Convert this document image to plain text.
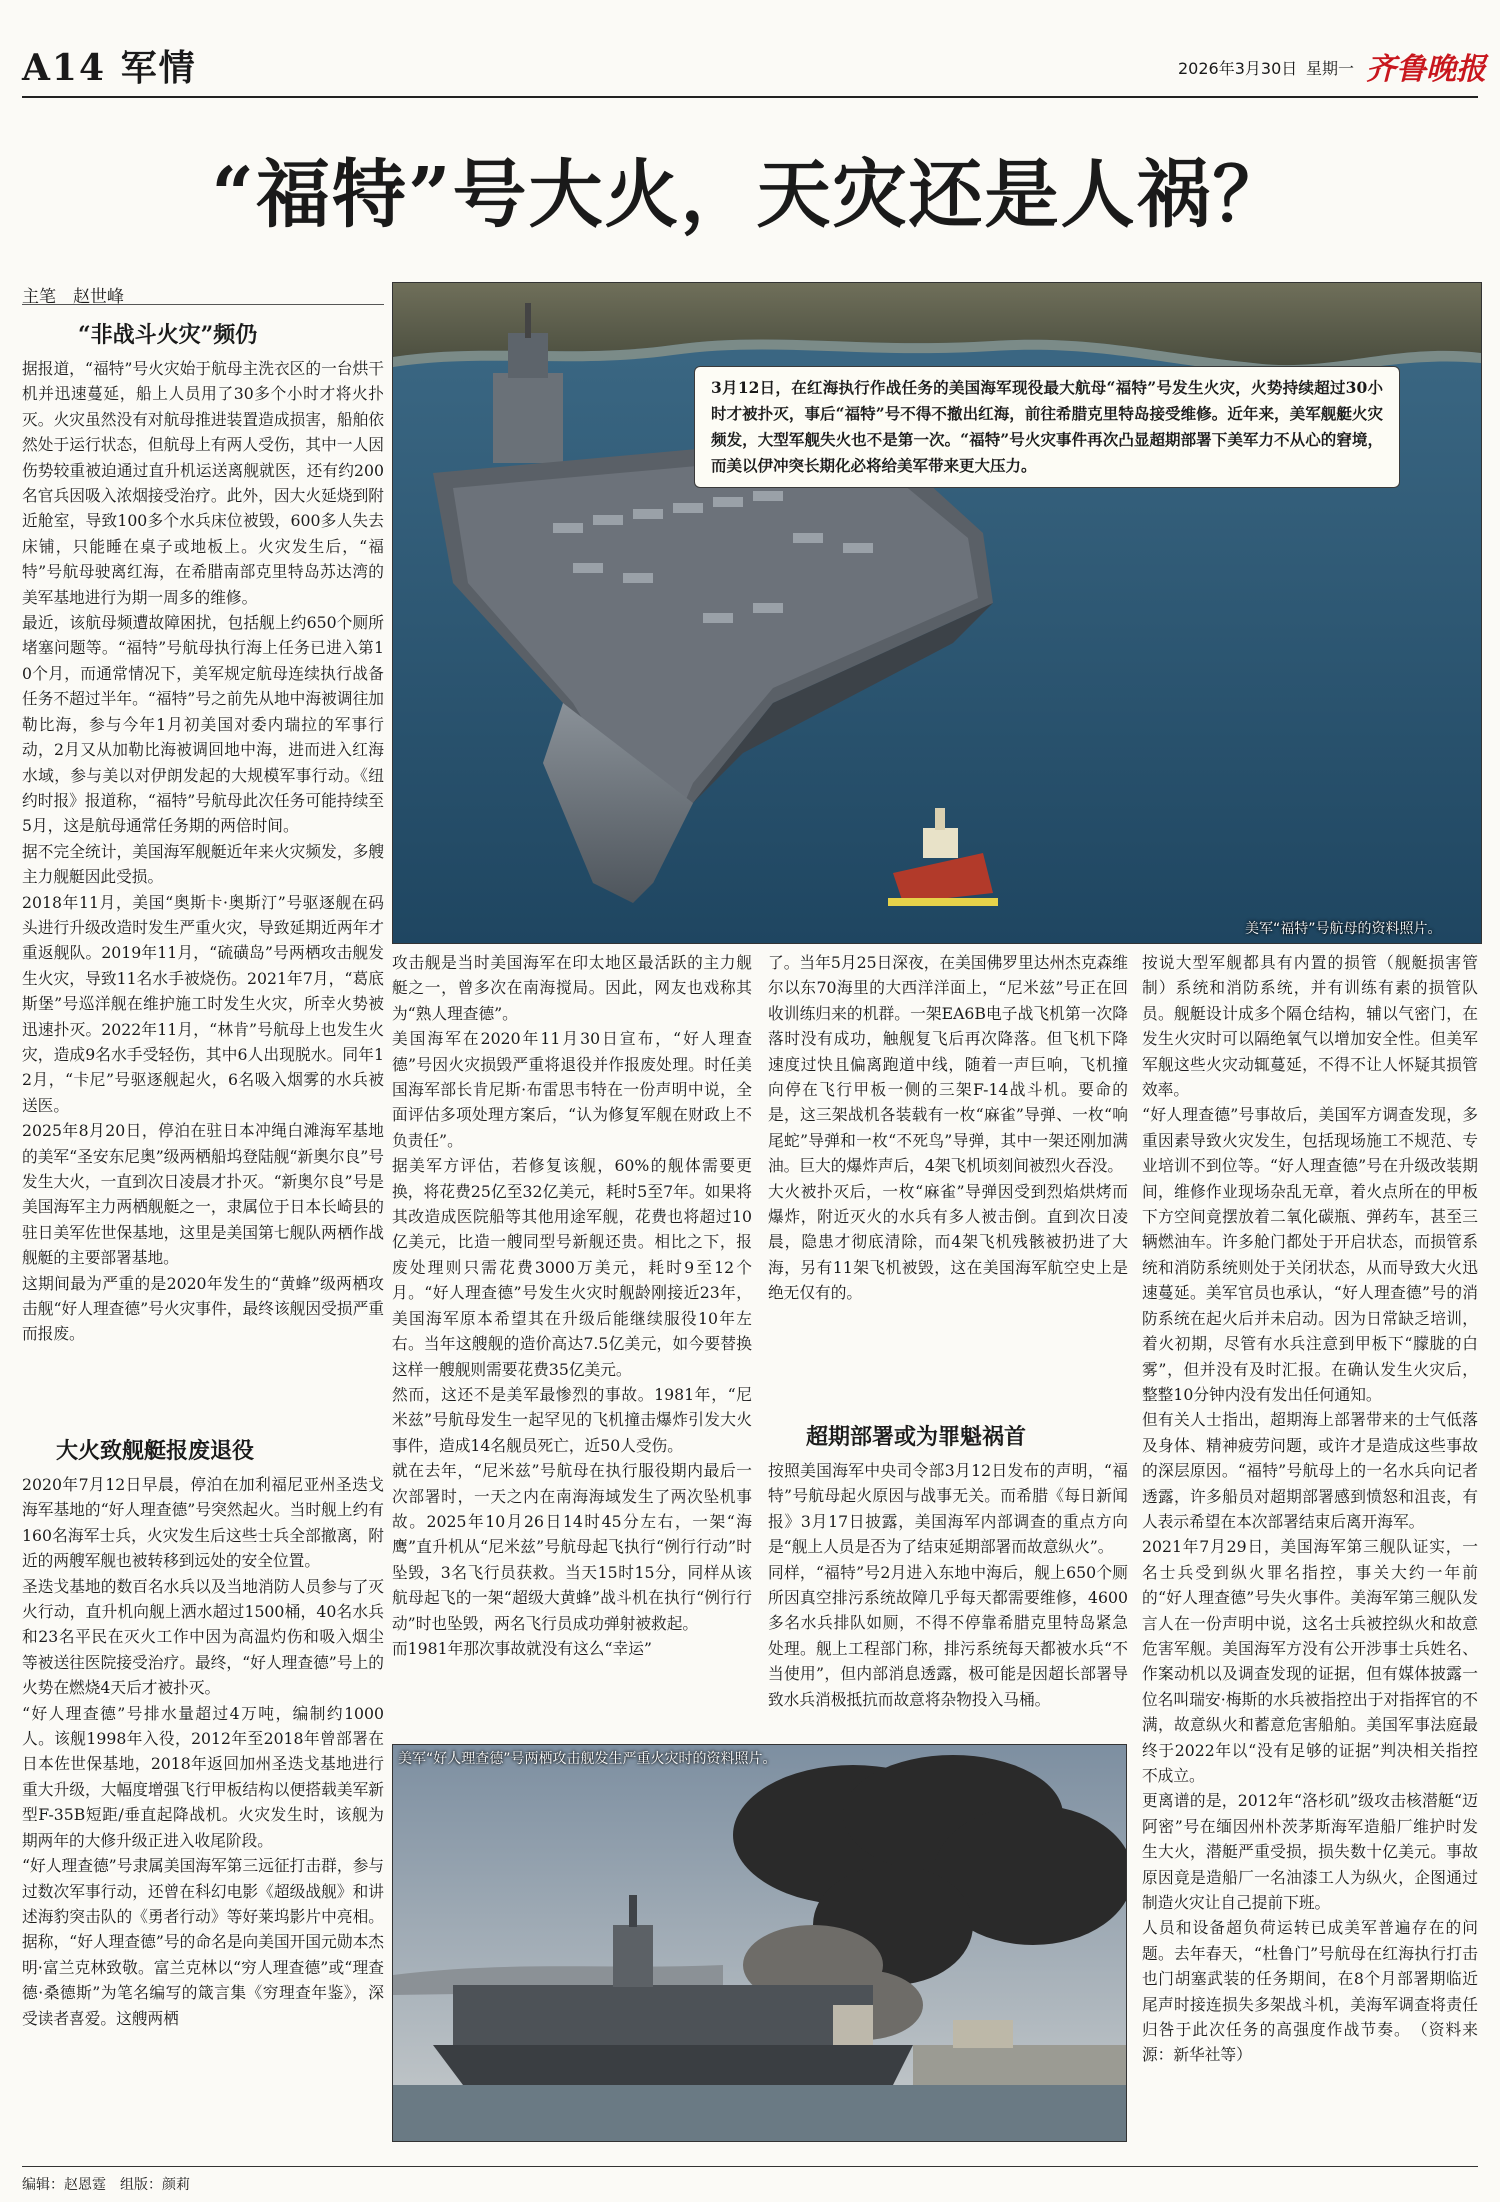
A14 军情	2026年3月30日 星期一 齐鲁晚报
“福特”号大火，天灾还是人祸？
主笔　赵世峰
“非战斗火灾”频仍
据报道，“福特”号火灾始于航母主洗衣区的一台烘干机并迅速蔓延，船上人员用了30多个小时才将火扑灭。火灾虽然没有对航母推进装置造成损害，船舶依然处于运行状态，但航母上有两人受伤，其中一人因伤势较重被迫通过直升机运送离舰就医，还有约200名官兵因吸入浓烟接受治疗。此外，因大火延烧到附近舱室，导致100多个水兵床位被毁，600多人失去床铺，只能睡在桌子或地板上。火灾发生后，“福特”号航母驶离红海，在希腊南部克里特岛苏达湾的美军基地进行为期一周多的维修。
最近，该航母频遭故障困扰，包括舰上约650个厕所堵塞问题等。“福特”号航母执行海上任务已进入第10个月，而通常情况下，美军规定航母连续执行战备任务不超过半年。“福特”号之前先从地中海被调往加勒比海，参与今年1月初美国对委内瑞拉的军事行动，2月又从加勒比海被调回地中海，进而进入红海水域，参与美以对伊朗发起的大规模军事行动。《纽约时报》报道称，“福特”号航母此次任务可能持续至5月，这是航母通常任务期的两倍时间。
据不完全统计，美国海军舰艇近年来火灾频发，多艘主力舰艇因此受损。
2018年11月，美国“奥斯卡·奥斯汀”号驱逐舰在码头进行升级改造时发生严重火灾，导致延期近两年才重返舰队。2019年11月，“硫磺岛”号两栖攻击舰发生火灾，导致11名水手被烧伤。2021年7月，“葛底斯堡”号巡洋舰在维护施工时发生火灾，所幸火势被迅速扑灭。2022年11月，“林肯”号航母上也发生火灾，造成9名水手受轻伤，其中6人出现脱水。同年12月，“卡尼”号驱逐舰起火，6名吸入烟雾的水兵被送医。
2025年8月20日，停泊在驻日本冲绳白滩海军基地的美军“圣安东尼奥”级两栖船坞登陆舰“新奥尔良”号发生大火，一直到次日凌晨才扑灭。“新奥尔良”号是美国海军主力两栖舰艇之一，隶属位于日本长崎县的驻日美军佐世保基地，这里是美国第七舰队两栖作战舰艇的主要部署基地。
这期间最为严重的是2020年发生的“黄蜂”级两栖攻击舰“好人理查德”号火灾事件，最终该舰因受损严重而报废。
大火致舰艇报废退役
2020年7月12日早晨，停泊在加利福尼亚州圣迭戈海军基地的“好人理查德”号突然起火。当时舰上约有160名海军士兵，火灾发生后这些士兵全部撤离，附近的两艘军舰也被转移到远处的安全位置。
圣迭戈基地的数百名水兵以及当地消防人员参与了灭火行动，直升机向舰上洒水超过1500桶，40名水兵和23名平民在灭火工作中因为高温灼伤和吸入烟尘等被送往医院接受治疗。最终，“好人理查德”号上的火势在燃烧4天后才被扑灭。
“好人理查德”号排水量超过4万吨，编制约1000人。该舰1998年入役，2012年至2018年曾部署在日本佐世保基地，2018年返回加州圣迭戈基地进行重大升级，大幅度增强飞行甲板结构以便搭载美军新型F-35B短距/垂直起降战机。火灾发生时，该舰为期两年的大修升级正进入收尾阶段。
“好人理查德”号隶属美国海军第三远征打击群，参与过数次军事行动，还曾在科幻电影《超级战舰》和讲述海豹突击队的《勇者行动》等好莱坞影片中亮相。据称，“好人理查德”号的命名是向美国开国元勋本杰明·富兰克林致敬。富兰克林以“穷人理查德”或“理查德·桑德斯”为笔名编写的箴言集《穷理查年鉴》，深受读者喜爱。这艘两栖
3月12日，在红海执行作战任务的美国海军现役最大航母“福特”号发生火灾，火势持续超过30小时才被扑灭，事后“福特”号不得不撤出红海，前往希腊克里特岛接受维修。近年来，美军舰艇火灾频发，大型军舰失火也不是第一次。“福特”号火灾事件再次凸显超期部署下美军力不从心的窘境，而美以伊冲突长期化必将给美军带来更大压力。
美军“福特”号航母的资料照片。
攻击舰是当时美国海军在印太地区最活跃的主力舰艇之一，曾多次在南海搅局。因此，网友也戏称其为“熟人理查德”。
美国海军在2020年11月30日宣布，“好人理查德”号因火灾损毁严重将退役并作报废处理。时任美国海军部长肯尼斯·布雷思韦特在一份声明中说，全面评估多项处理方案后，“认为修复军舰在财政上不负责任”。
据美军方评估，若修复该舰，60%的舰体需要更换，将花费25亿至32亿美元，耗时5至7年。如果将其改造成医院船等其他用途军舰，花费也将超过10亿美元，比造一艘同型号新舰还贵。相比之下，报废处理则只需花费3000万美元，耗时9至12个月。“好人理查德”号发生火灾时舰龄刚接近23年，美国海军原本希望其在升级后能继续服役10年左右。当年这艘舰的造价高达7.5亿美元，如今要替换这样一艘舰则需要花费35亿美元。
然而，这还不是美军最惨烈的事故。1981年，“尼米兹”号航母发生一起罕见的飞机撞击爆炸引发大火事件，造成14名舰员死亡，近50人受伤。
就在去年，“尼米兹”号航母在执行服役期内最后一次部署时，一天之内在南海海域发生了两次坠机事故。2025年10月26日14时45分左右，一架“海鹰”直升机从“尼米兹”号航母起飞执行“例行行动”时坠毁，3名飞行员获救。当天15时15分，同样从该航母起飞的一架“超级大黄蜂”战斗机在执行“例行行动”时也坠毁，两名飞行员成功弹射被救起。
而1981年那次事故就没有这么“幸运”
了。当年5月25日深夜，在美国佛罗里达州杰克森维尔以东70海里的大西洋洋面上，“尼米兹”号正在回收训练归来的机群。一架EA6B电子战飞机第一次降落时没有成功，触舰复飞后再次降落。但飞机下降速度过快且偏离跑道中线，随着一声巨响，飞机撞向停在飞行甲板一侧的三架F-14战斗机。要命的是，这三架战机各装载有一枚“麻雀”导弹、一枚“响尾蛇”导弹和一枚“不死鸟”导弹，其中一架还刚加满油。巨大的爆炸声后，4架飞机顷刻间被烈火吞没。
大火被扑灭后，一枚“麻雀”导弹因受到烈焰烘烤而爆炸，附近灭火的水兵有多人被击倒。直到次日凌晨，隐患才彻底清除，而4架飞机残骸被扔进了大海，另有11架飞机被毁，这在美国海军航空史上是绝无仅有的。
超期部署或为罪魁祸首
按照美国海军中央司令部3月12日发布的声明，“福特”号航母起火原因与战事无关。而希腊《每日新闻报》3月17日披露，美国海军内部调查的重点方向是“舰上人员是否为了结束延期部署而故意纵火”。
同样，“福特”号2月进入东地中海后，舰上650个厕所因真空排污系统故障几乎每天都需要维修，4600多名水兵排队如厕，不得不停靠希腊克里特岛紧急处理。舰上工程部门称，排污系统每天都被水兵“不当使用”，但内部消息透露，极可能是因超长部署导致水兵消极抵抗而故意将杂物投入马桶。
按说大型军舰都具有内置的损管（舰艇损害管制）系统和消防系统，并有训练有素的损管队员。舰艇设计成多个隔仓结构，辅以气密门，在发生火灾时可以隔绝氧气以增加安全性。但美军军舰这些火灾动辄蔓延，不得不让人怀疑其损管效率。
“好人理查德”号事故后，美国军方调查发现，多重因素导致火灾发生，包括现场施工不规范、专业培训不到位等。“好人理查德”号在升级改装期间，维修作业现场杂乱无章，着火点所在的甲板下方空间竟摆放着二氧化碳瓶、弹药车，甚至三辆燃油车。许多舱门都处于开启状态，而损管系统和消防系统则处于关闭状态，从而导致大火迅速蔓延。美军官员也承认，“好人理查德”号的消防系统在起火后并未启动。因为日常缺乏培训，着火初期，尽管有水兵注意到甲板下“朦胧的白雾”，但并没有及时汇报。在确认发生火灾后，整整10分钟内没有发出任何通知。
但有关人士指出，超期海上部署带来的士气低落及身体、精神疲劳问题，或许才是造成这些事故的深层原因。“福特”号航母上的一名水兵向记者透露，许多船员对超期部署感到愤怒和沮丧，有人表示希望在本次部署结束后离开海军。
2021年7月29日，美国海军第三舰队证实，一名士兵受到纵火罪名指控，事关大约一年前的“好人理查德”号失火事件。美海军第三舰队发言人在一份声明中说，这名士兵被控纵火和故意危害军舰。美国海军方没有公开涉事士兵姓名、作案动机以及调查发现的证据，但有媒体披露一位名叫瑞安·梅斯的水兵被指控出于对指挥官的不满，故意纵火和蓄意危害船舶。美国军事法庭最终于2022年以“没有足够的证据”判决相关指控不成立。
更离谱的是，2012年“洛杉矶”级攻击核潜艇“迈阿密”号在缅因州朴茨茅斯海军造船厂维护时发生大火，潜艇严重受损，损失数十亿美元。事故原因竟是造船厂一名油漆工人为纵火，企图通过制造火灾让自己提前下班。
人员和设备超负荷运转已成美军普遍存在的问题。去年春天，“杜鲁门”号航母在红海执行打击也门胡塞武装的任务期间，在8个月部署期临近尾声时接连损失多架战斗机，美海军调查将责任归咎于此次任务的高强度作战节奏。　（资料来源：新华社等）
美军“好人理查德”号两栖攻击舰发生严重火灾时的资料照片。
编辑：赵恩霆　组版：颜莉
